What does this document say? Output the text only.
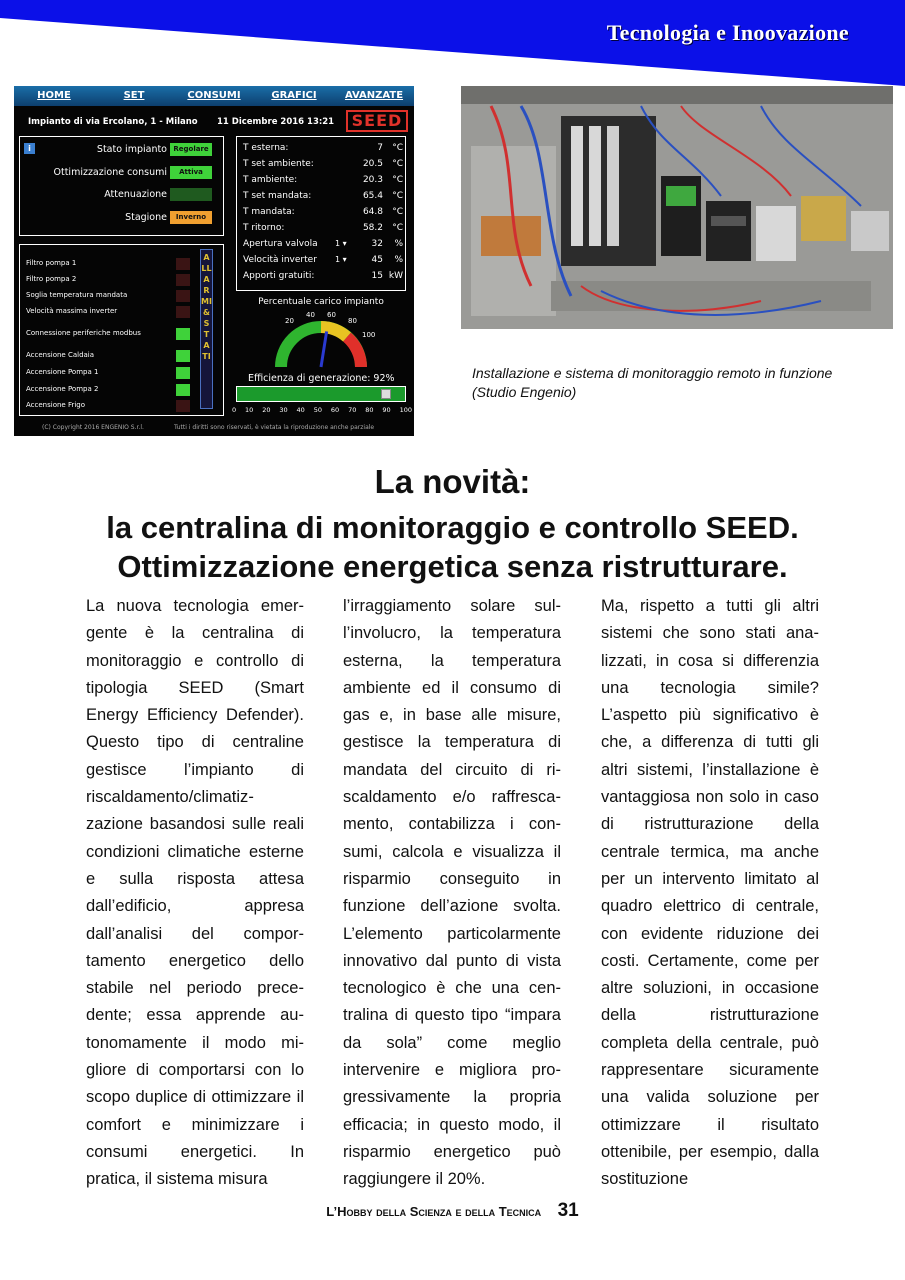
Tecnologia e Inoovazione
HOME	SET	CONSUMI	GRAFICI	AVANZATE
Impianto di via Ercolano, 1 - Milano 11 Dicembre 2016 13:21	SEED
i	Stato impianto Regolare
Ottimizzazione consumi	Attiva
Attenuazione
Stagione	Inverno
T esterna:	7 °C
T set ambiente:	20.5 °C
T ambiente:	20.3 °C
T set mandata:	65.4 °C
T mandata:	64.8 °C
T ritorno:	58.2 °C
Apertura valvola 1 ▾	32 %
Velocità inverter 1 ▾	45 %
Apporti gratuiti:	15 kW
Filtro pompa 1
Filtro pompa 2
Soglia temperatura mandata
Velocità massima inverter
Connessione periferiche modbus
Accensione Caldaia
Accensione Pompa 1
Accensione Pompa 2
Accensione Frigo
ALLARMI & STATI
Percentuale carico impianto
20
40 60
80
100
Efficienza di generazione: 92%
0 10 20 30 40 50 60 70 80 90 100
(C) Copyright 2016 ENGENIO S.r.l.	Tutti i diritti sono riservati, è vietata la riproduzione anche parziale
Installazione e sistema di monitoraggio remoto in funzione (Studio Engenio)
La novità:
la centralina di monitoraggio e controllo SEED.
Ottimizzazione energetica senza ristrutturare.
La nuova tecnologia emergente è la centralina di monitoraggio e controllo di tipologia SEED (Smart Energy Efficiency Defender). Questo tipo di centraline gestisce l’impianto di riscaldamento/climatizzazione basandosi sulle reali condizioni climatiche esterne e sulla risposta attesa dall’edificio, appresa dall’analisi del comportamento energetico dello stabile nel periodo precedente; essa apprende autonomamente il modo migliore di comportarsi con lo scopo duplice di ottimizzare il comfort e minimizzare i consumi energetici. In pratica, il sistema misura
l’irraggiamento solare sull’involucro, la temperatura esterna, la temperatura ambiente ed il consumo di gas e, in base alle misure, gestisce la temperatura di mandata del circuito di riscaldamento e/o raffrescamento, contabilizza i consumi, calcola e visualizza il risparmio conseguito in funzione dell’azione svolta. L’elemento particolarmente innovativo dal punto di vista tecnologico è che una centralina di questo tipo “impara da sola” come meglio intervenire e migliora progressivamente la propria efficacia; in questo modo, il risparmio energetico può raggiungere il 20%.
Ma, rispetto a tutti gli altri sistemi che sono stati analizzati, in cosa si differenzia una tecnologia simile? L’aspetto più significativo è che, a differenza di tutti gli altri sistemi, l’installazione è vantaggiosa non solo in caso di ristrutturazione della centrale termica, ma anche per un intervento limitato al quadro elettrico di centrale, con evidente riduzione dei costi. Certamente, come per altre soluzioni, in occasione della ristrutturazione completa della centrale, può rappresentare sicuramente una valida soluzione per ottimizzare il risultato ottenibile, per esempio, dalla sostituzione
L’Hobby della Scienza e della Tecnica 31
